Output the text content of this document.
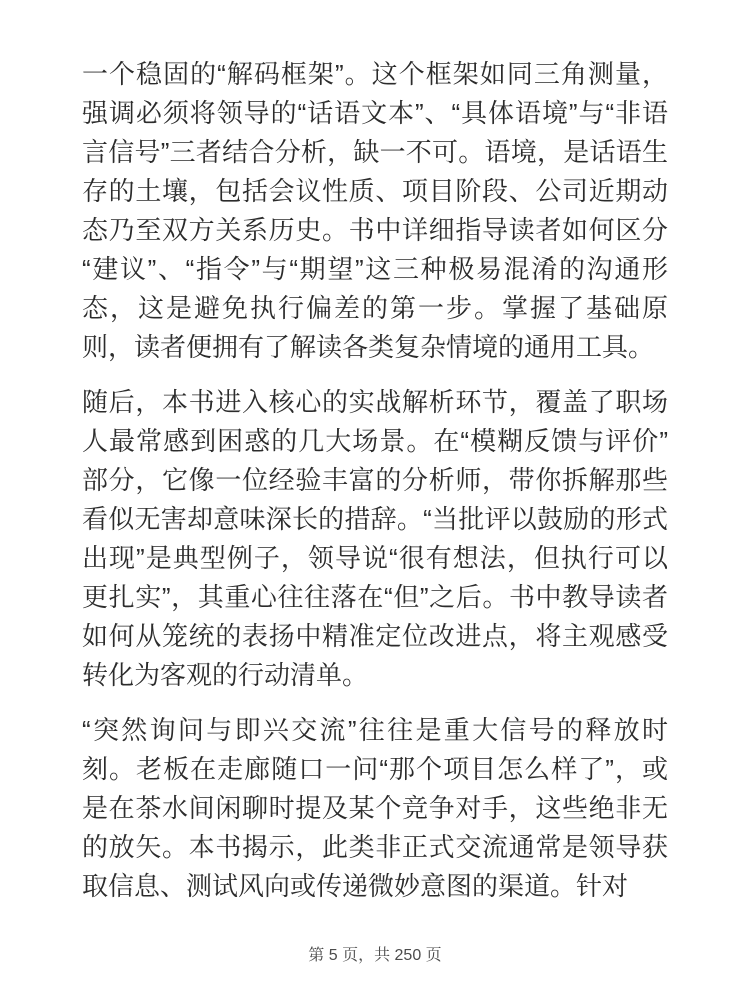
一个稳固的“解码框架”。这个框架如同三角测量，强调必须将领导的“话语文本”、“具体语境”与“非语言信号”三者结合分析，缺一不可。语境，是话语生存的土壤，包括会议性质、项目阶段、公司近期动态乃至双方关系历史。书中详细指导读者如何区分“建议”、“指令”与“期望”这三种极易混淆的沟通形态，这是避免执行偏差的第一步。掌握了基础原则，读者便拥有了解读各类复杂情境的通用工具。

随后，本书进入核心的实战解析环节，覆盖了职场人最常感到困惑的几大场景。在“模糊反馈与评价”部分，它像一位经验丰富的分析师，带你拆解那些看似无害却意味深长的措辞。“当批评以鼓励的形式出现”是典型例子，领导说“很有想法，但执行可以更扎实”，其重心往往落在“但”之后。书中教导读者如何从笼统的表扬中精准定位改进点，将主观感受转化为客观的行动清单。

“突然询问与即兴交流”往往是重大信号的释放时刻。老板在走廊随口一问“那个项目怎么样了”，或是在茶水间闲聊时提及某个竞争对手，这些绝非无的放矢。本书揭示，此类非正式交流通常是领导获取信息、测试风向或传递微妙意图的渠道。针对

第 5 页，共 250 页
